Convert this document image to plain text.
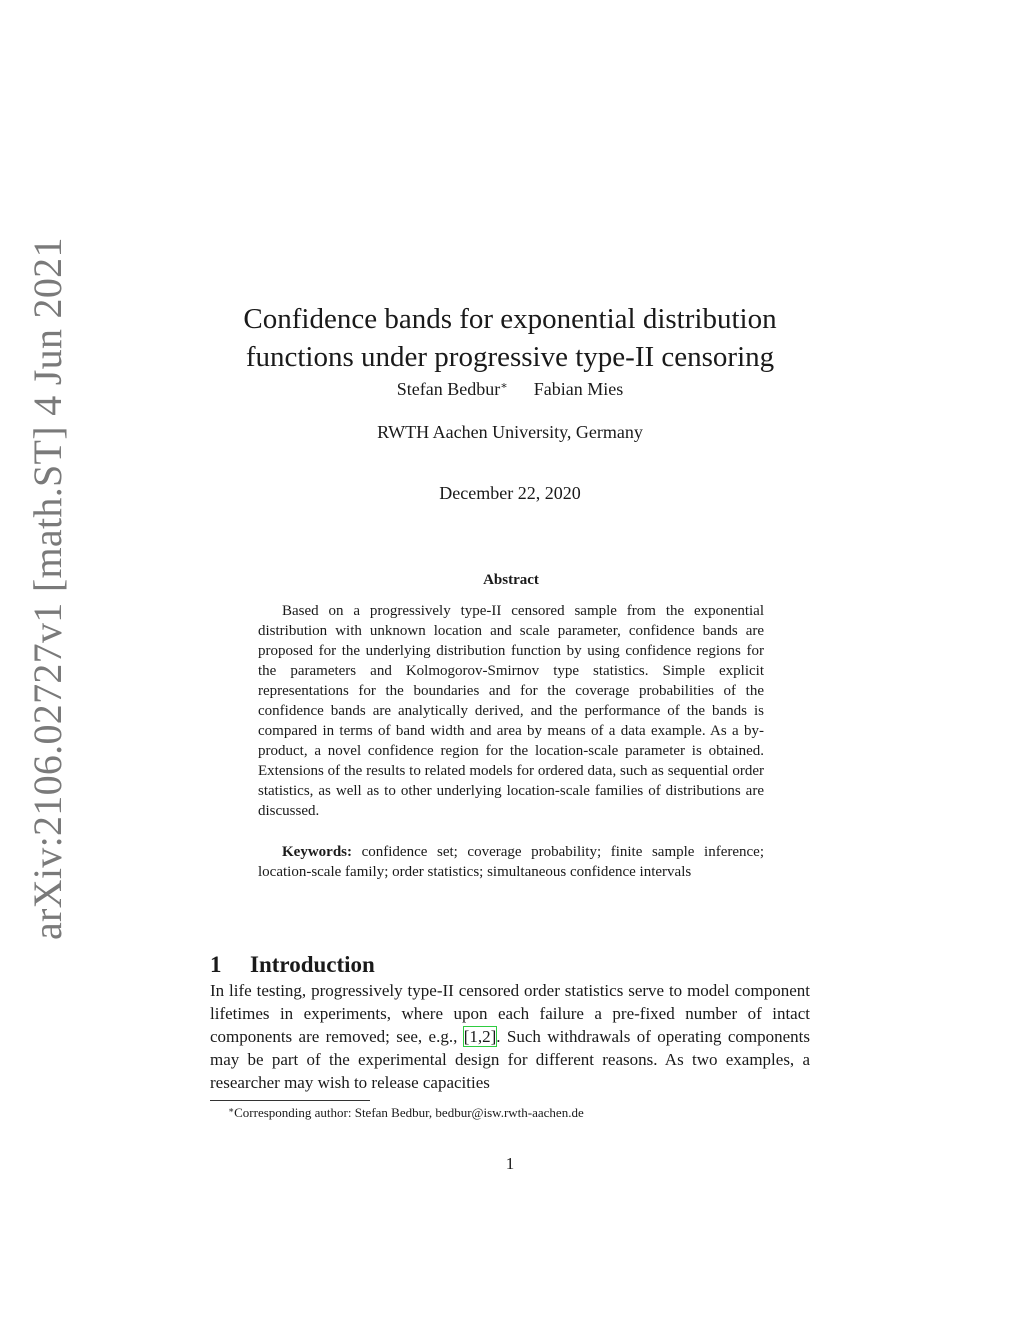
arXiv:2106.02727v1 [math.ST] 4 Jun 2021	Confidence bands for exponential distribution functions under progressive type-II censoring
Stefan Bedbur∗ Fabian Mies
RWTH Aachen University, Germany
December 22, 2020
Abstract

Based on a progressively type-II censored sample from the exponential distribution with unknown location and scale parameter, confidence bands are proposed for the underlying distribution function by using confidence regions for the parameters and Kolmogorov-Smirnov type statistics. Simple explicit representations for the boundaries and for the coverage probabilities of the confidence bands are analytically derived, and the performance of the bands is compared in terms of band width and area by means of a data example. As a by-product, a novel confidence region for the location-scale parameter is obtained. Extensions of the results to related models for ordered data, such as sequential order statistics, as well as to other underlying location-scale families of distributions are discussed.

Keywords: confidence set; coverage probability; finite sample inference; location-scale family; order statistics; simultaneous confidence intervals

1 Introduction

In life testing, progressively type-II censored order statistics serve to model component lifetimes in experiments, where upon each failure a pre-fixed number of intact components are removed; see, e.g., [1,2]. Such withdrawals of operating components may be part of the experimental design for different reasons. As two examples, a researcher may wish to release capacities

∗Corresponding author: Stefan Bedbur, bedbur@isw.rwth-aachen.de
1
